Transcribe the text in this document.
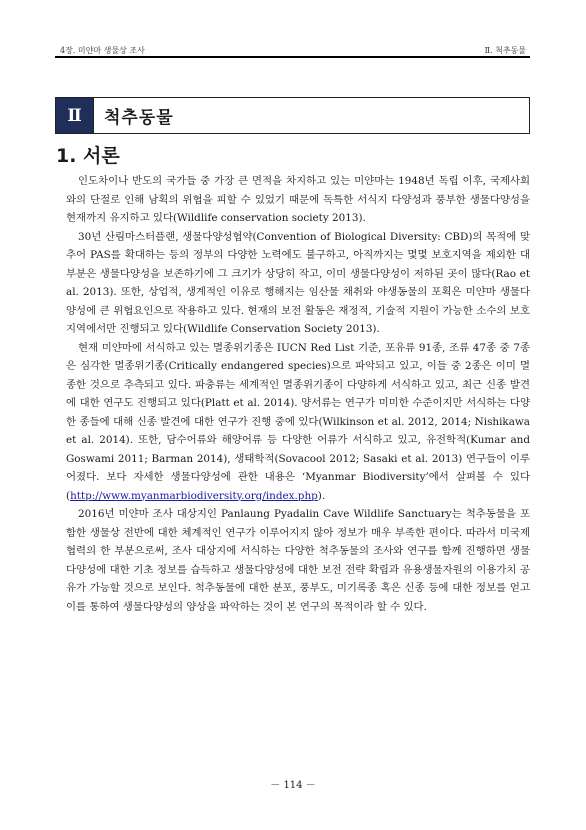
4장. 미얀마 생물상 조사	Ⅱ. 척추동물
Ⅱ	척추동물
1. 서론

인도차이나 반도의 국가들 중 가장 큰 면적을 차지하고 있는 미얀마는 1948년 독립 이후, 국제사회와의 단절로 인해 남획의 위협을 피할 수 있었기 때문에 독특한 서식지 다양성과 풍부한 생물다양성을 현재까지 유지하고 있다(Wildlife conservation society 2013).

30년 산림마스터플랜, 생물다양성협약(Convention of Biological Diversity: CBD)의 목적에 맞추어 PAS를 확대하는 등의 정부의 다양한 노력에도 불구하고, 아직까지는 몇몇 보호지역을 제외한 대부분은 생물다양성을 보존하기에 그 크기가 상당히 작고, 이미 생물다양성이 저하된 곳이 많다(Rao et al. 2013). 또한, 상업적, 생계적인 이유로 행해지는 임산물 채취와 야생동물의 포획은 미얀마 생물다양성에 큰 위협요인으로 작용하고 있다. 현재의 보전 활동은 재정적, 기술적 지원이 가능한 소수의 보호지역에서만 진행되고 있다(Wildlife Conservation Society 2013).

현재 미얀마에 서식하고 있는 멸종위기종은 IUCN Red List 기준, 포유류 91종, 조류 47종 중 7종은 심각한 멸종위기종(Critically endangered species)으로 파악되고 있고, 이들 중 2종은 이미 멸종한 것으로 추측되고 있다. 파충류는 세계적인 멸종위기종이 다양하게 서식하고 있고, 최근 신종 발견에 대한 연구도 진행되고 있다(Platt et al. 2014). 양서류는 연구가 미미한 수준이지만 서식하는 다양한 종들에 대해 신종 발견에 대한 연구가 진행 중에 있다(Wilkinson et al. 2012, 2014; Nishikawa et al. 2014). 또한, 담수어류와 해양어류 등 다양한 어류가 서식하고 있고, 유전학적(Kumar and Goswami 2011; Barman 2014), 생태학적(Sovacool 2012; Sasaki et al. 2013) 연구들이 이루어졌다. 보다 자세한 생물다양성에 관한 내용은 ‘Myanmar Biodiversity’에서 살펴볼 수 있다(http://www.myanmarbiodiversity.org/index.php).

2016년 미얀마 조사 대상지인 Panlaung Pyadalin Cave Wildlife Sanctuary는 척추동물을 포함한 생물상 전반에 대한 체계적인 연구가 이루어지지 않아 정보가 매우 부족한 편이다. 따라서 미국제협력의 한 부분으로써, 조사 대상지에 서식하는 다양한 척추동물의 조사와 연구를 함께 진행하면 생물다양성에 대한 기초 정보를 습득하고 생물다양성에 대한 보전 전략 확립과 유용생물자원의 이용가치 공유가 가능할 것으로 보인다. 척추동물에 대한 분포, 풍부도, 미기록종 혹은 신종 등에 대한 정보를 얻고 이를 통하여 생물다양성의 양상을 파악하는 것이 본 연구의 목적이라 할 수 있다.

－ 114 －
